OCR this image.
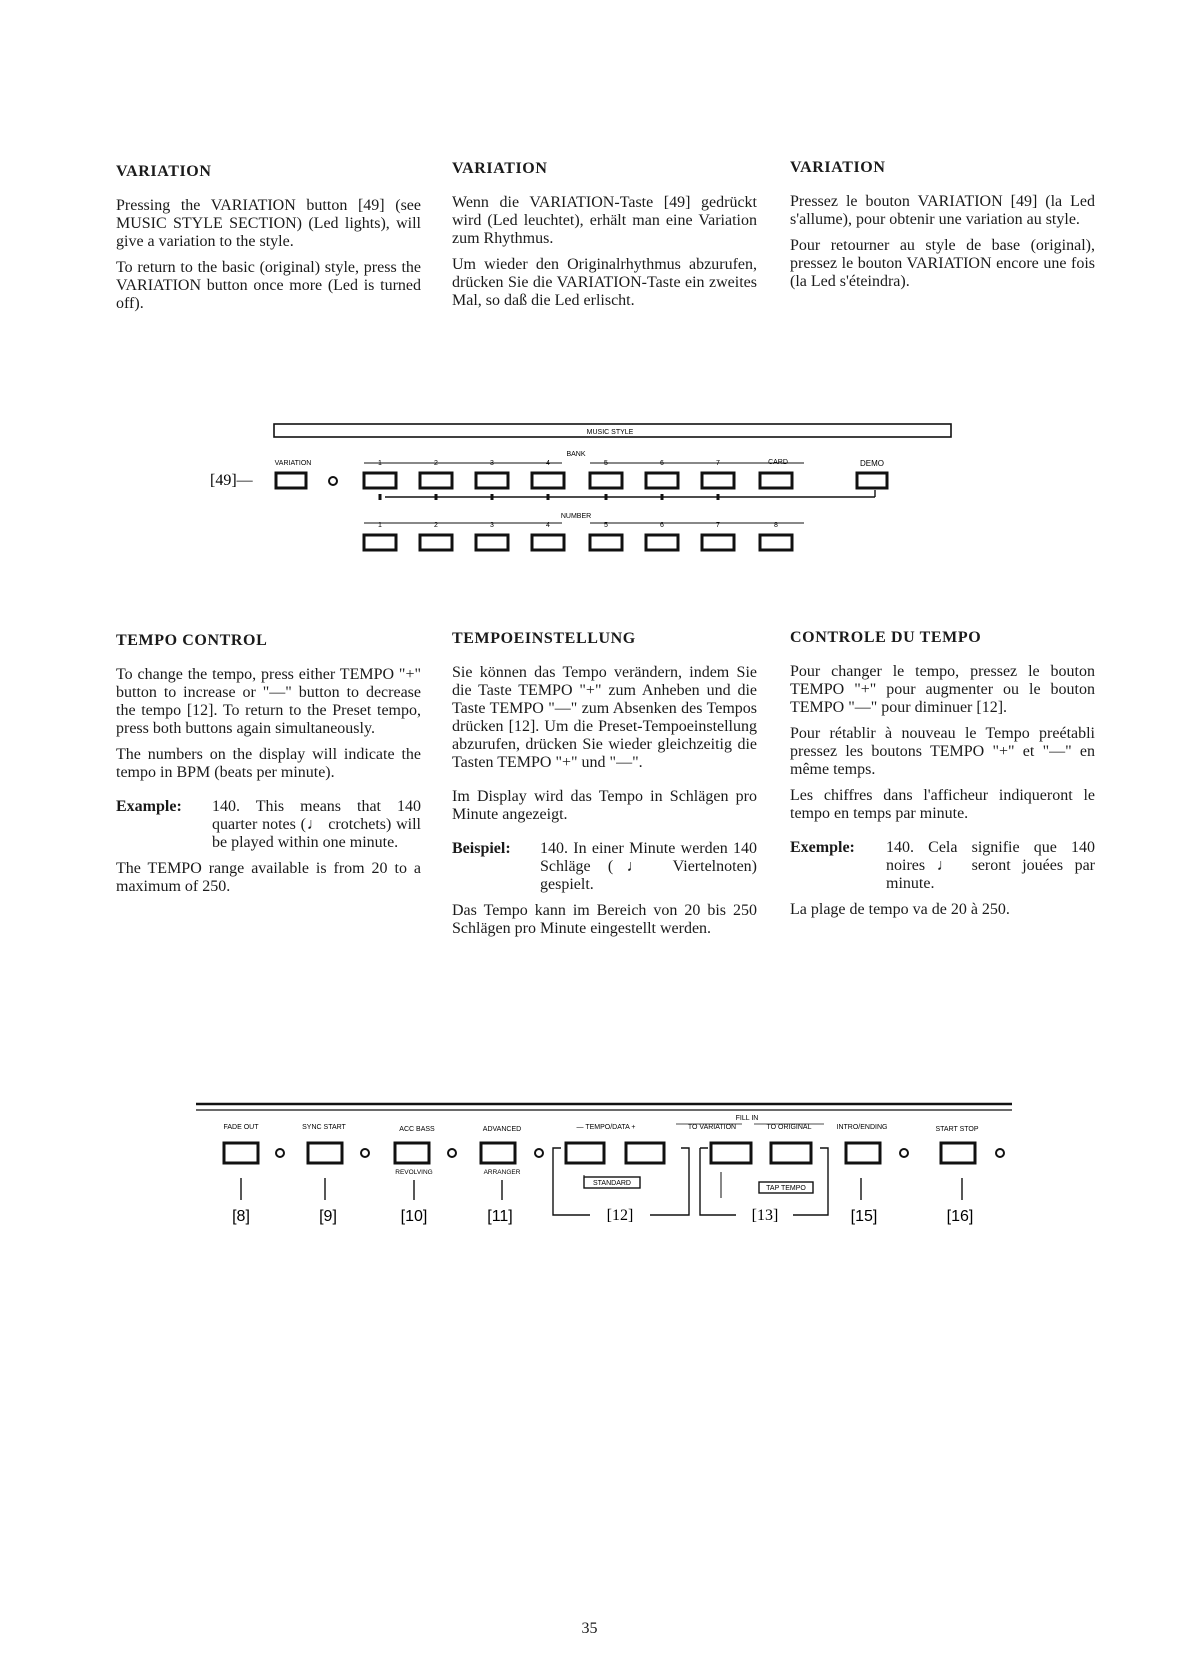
VARIATION

Pressing the VARIATION button [49] (see MUSIC STYLE SECTION) (Led lights), will give a variation to the style.

To return to the basic (original) style, press the VARIATION button once more (Led is turned off).

VARIATION

Wenn die VARIATION-Taste [49] gedrückt wird (Led leuchtet), erhält man eine Variation zum Rhythmus.

Um wieder den Originalrhythmus abzurufen, drücken Sie die VARIATION-Taste ein zweites Mal, so daß die Led erlischt.

VARIATION

Pressez le bouton VARIATION [49] (la Led s'allume), pour obtenir une variation au style.

Pour retourner au style de base (original), pressez le bouton VARIATION encore une fois (la Led s'éteindra).

MUSIC STYLE
VARIATION
[49]—
BANK
1	2	3	4	5	6	7	CARD	DEMO
NUMBER
1	2	3	4	5	6	7	8
TEMPO CONTROL

To change the tempo, press either TEMPO "+" button to increase or "—" button to decrease the tempo [12]. To return to the Preset tempo, press both buttons again simultaneously.

The numbers on the display will indicate the tempo in BPM (beats per minute).

Example:	140. This means that 140 quarter notes (♩ crotchets) will be played within one minute.

The TEMPO range available is from 20 to a maximum of 250.

TEMPOEINSTELLUNG

Sie können das Tempo verändern, indem Sie die Taste TEMPO "+" zum Anheben und die Taste TEMPO "—" zum Absenken des Tempos drücken [12]. Um die Preset-Tempoeinstellung abzurufen, drücken Sie wieder gleichzeitig die Tasten TEMPO "+" und "—".

Im Display wird das Tempo in Schlägen pro Minute angezeigt.

Beispiel:	140. In einer Minute werden 140 Schläge (♩ Viertelnoten) gespielt.

Das Tempo kann im Bereich von 20 bis 250 Schlägen pro Minute eingestellt werden.

CONTROLE DU TEMPO

Pour changer le tempo, pressez le bouton TEMPO "+" pour augmenter ou le bouton TEMPO "—" pour diminuer [12].

Pour rétablir à nouveau le Tempo preétabli pressez les boutons TEMPO "+" et "—" en même temps.

Les chiffres dans l'afficheur indiqueront le tempo en temps par minute.

Exemple:	140. Cela signifie que 140 noires ♩ seront jouées par minute.

La plage de tempo va de 20 à 250.

FADE OUT	SYNC START	ACC BASS	ADVANCED	— TEMPO/DATA +
FILL IN
TO VARIATION	TO ORIGINAL	INTRO/ENDING	START STOP
REVOLVING	ARRANGER
STANDARD
[12]
TAP TEMPO
[13]
[8]	[9]	[10]	[11]	[15]	[16]
35
